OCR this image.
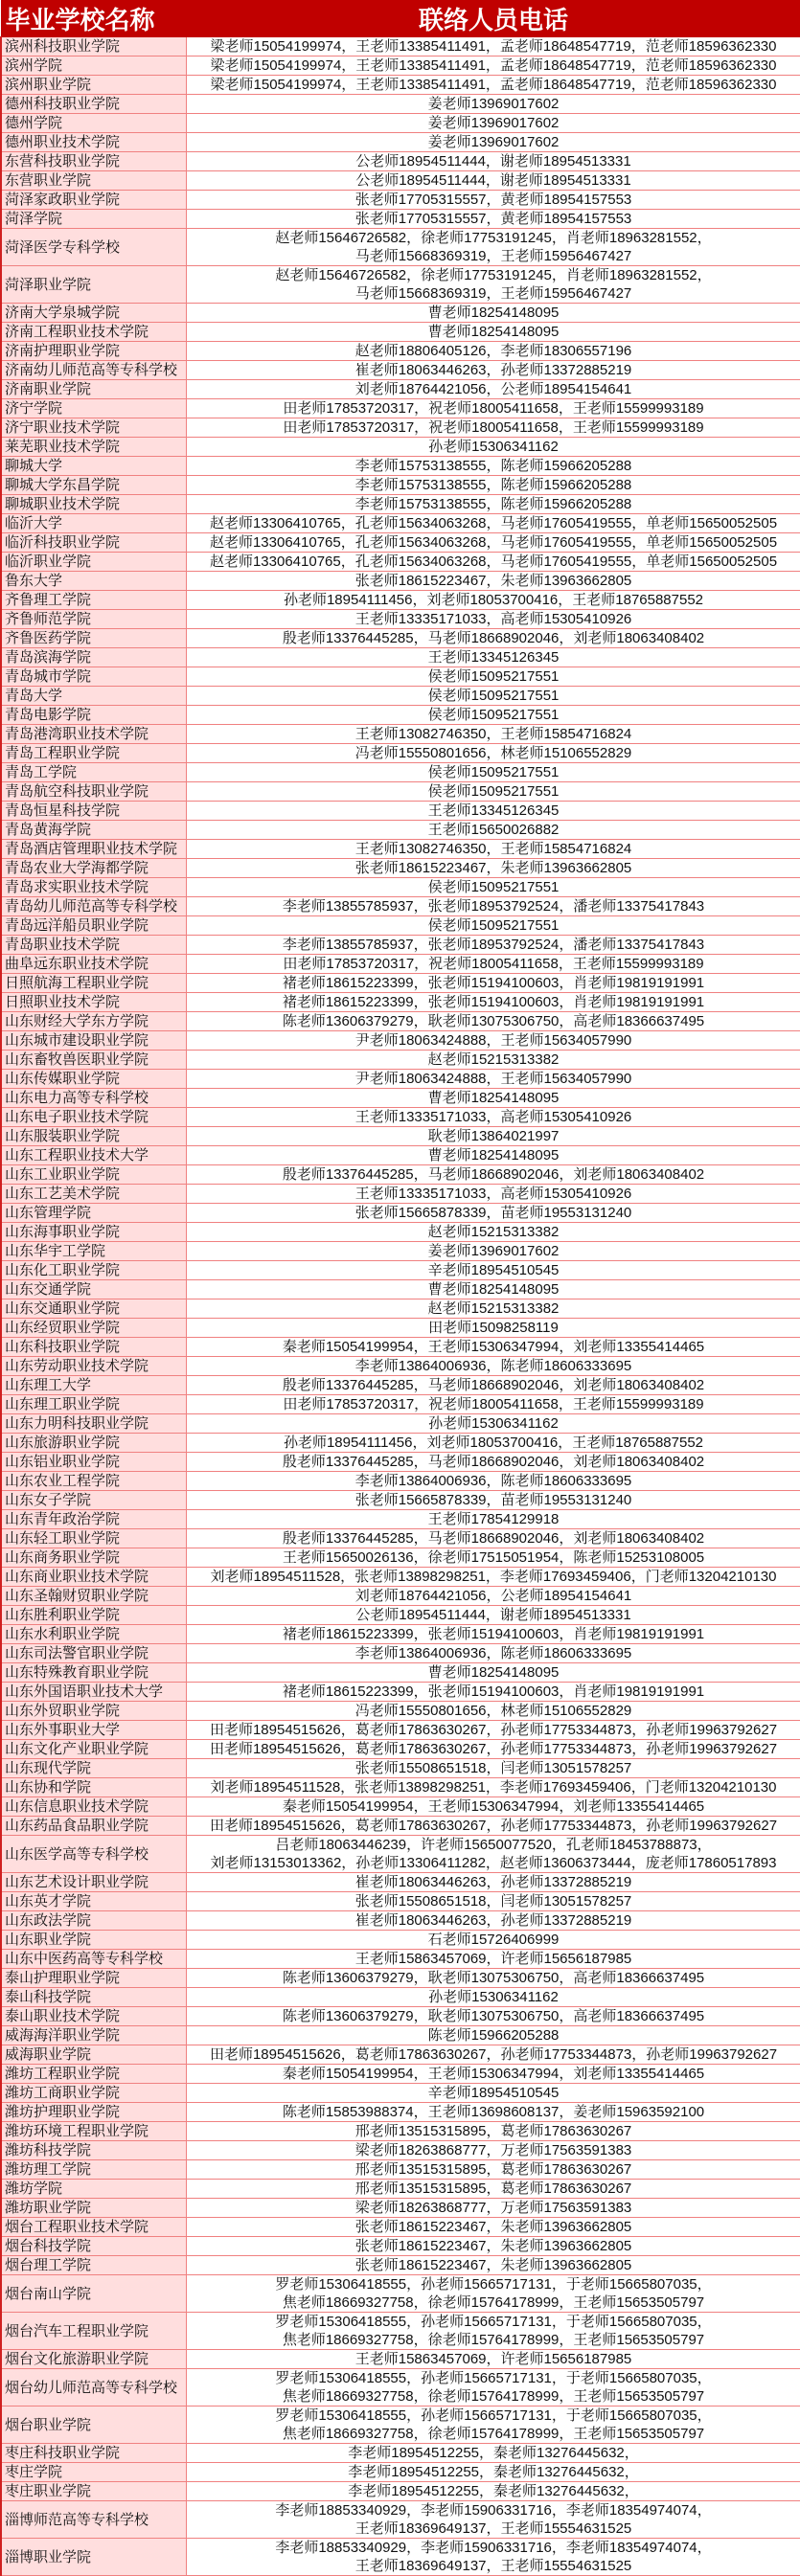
毕业学校名称	联络人员电话
滨州科技职业学院	梁老师15054199974，王老师13385411491，孟老师18648547719，范老师18596362330

滨州学院	梁老师15054199974，王老师13385411491，孟老师18648547719，范老师18596362330

滨州职业学院	梁老师15054199974，王老师13385411491，孟老师18648547719，范老师18596362330

德州科技职业学院	姜老师13969017602

德州学院	姜老师13969017602

德州职业技术学院	姜老师13969017602

东营科技职业学院	公老师18954511444，谢老师18954513331

东营职业学院	公老师18954511444，谢老师18954513331

菏泽家政职业学院	张老师17705315557，黄老师18954157553

菏泽学院	张老师17705315557，黄老师18954157553

菏泽医学专科学校	赵老师15646726582，徐老师17753191245，肖老师18963281552，
马老师15668369319，王老师15956467427

菏泽职业学院	赵老师15646726582，徐老师17753191245，肖老师18963281552，
马老师15668369319，王老师15956467427

济南大学泉城学院	曹老师18254148095

济南工程职业技术学院	曹老师18254148095

济南护理职业学院	赵老师18806405126，李老师18306557196

济南幼儿师范高等专科学校	崔老师18063446263，孙老师13372885219

济南职业学院	刘老师18764421056，公老师18954154641

济宁学院	田老师17853720317，祝老师18005411658，王老师15599993189

济宁职业技术学院	田老师17853720317，祝老师18005411658，王老师15599993189

莱芜职业技术学院	孙老师15306341162

聊城大学	李老师15753138555，陈老师15966205288

聊城大学东昌学院	李老师15753138555，陈老师15966205288

聊城职业技术学院	李老师15753138555，陈老师15966205288

临沂大学	赵老师13306410765，孔老师15634063268，马老师17605419555，单老师15650052505

临沂科技职业学院	赵老师13306410765，孔老师15634063268，马老师17605419555，单老师15650052505

临沂职业学院	赵老师13306410765，孔老师15634063268，马老师17605419555，单老师15650052505

鲁东大学	张老师18615223467，朱老师13963662805

齐鲁理工学院	孙老师18954111456，刘老师18053700416，王老师18765887552

齐鲁师范学院	王老师13335171033，高老师15305410926

齐鲁医药学院	殷老师13376445285，马老师18668902046，刘老师18063408402

青岛滨海学院	王老师13345126345

青岛城市学院	侯老师15095217551

青岛大学	侯老师15095217551

青岛电影学院	侯老师15095217551

青岛港湾职业技术学院	王老师13082746350，王老师15854716824

青岛工程职业学院	冯老师15550801656，林老师15106552829

青岛工学院	侯老师15095217551

青岛航空科技职业学院	侯老师15095217551

青岛恒星科技学院	王老师13345126345

青岛黄海学院	王老师15650026882

青岛酒店管理职业技术学院	王老师13082746350，王老师15854716824

青岛农业大学海都学院	张老师18615223467，朱老师13963662805

青岛求实职业技术学院	侯老师15095217551

青岛幼儿师范高等专科学校	李老师13855785937，张老师18953792524，潘老师13375417843

青岛远洋船员职业学院	侯老师15095217551

青岛职业技术学院	李老师13855785937，张老师18953792524，潘老师13375417843

曲阜远东职业技术学院	田老师17853720317，祝老师18005411658，王老师15599993189

日照航海工程职业学院	褚老师18615223399，张老师15194100603，肖老师19819191991

日照职业技术学院	褚老师18615223399，张老师15194100603，肖老师19819191991

山东财经大学东方学院	陈老师13606379279，耿老师13075306750，高老师18366637495

山东城市建设职业学院	尹老师18063424888，王老师15634057990

山东畜牧兽医职业学院	赵老师15215313382

山东传媒职业学院	尹老师18063424888，王老师15634057990

山东电力高等专科学校	曹老师18254148095

山东电子职业技术学院	王老师13335171033，高老师15305410926

山东服装职业学院	耿老师13864021997

山东工程职业技术大学	曹老师18254148095

山东工业职业学院	殷老师13376445285，马老师18668902046，刘老师18063408402

山东工艺美术学院	王老师13335171033，高老师15305410926

山东管理学院	张老师15665878339，苗老师19553131240

山东海事职业学院	赵老师15215313382

山东华宇工学院	姜老师13969017602

山东化工职业学院	辛老师18954510545

山东交通学院	曹老师18254148095

山东交通职业学院	赵老师15215313382

山东经贸职业学院	田老师15098258119

山东科技职业学院	秦老师15054199954，王老师15306347994，刘老师13355414465

山东劳动职业技术学院	李老师13864006936，陈老师18606333695

山东理工大学	殷老师13376445285，马老师18668902046，刘老师18063408402

山东理工职业学院	田老师17853720317，祝老师18005411658，王老师15599993189

山东力明科技职业学院	孙老师15306341162

山东旅游职业学院	孙老师18954111456，刘老师18053700416，王老师18765887552

山东铝业职业学院	殷老师13376445285，马老师18668902046，刘老师18063408402

山东农业工程学院	李老师13864006936，陈老师18606333695

山东女子学院	张老师15665878339，苗老师19553131240

山东青年政治学院	王老师17854129918

山东轻工职业学院	殷老师13376445285，马老师18668902046，刘老师18063408402

山东商务职业学院	王老师15650026136，徐老师17515051954，陈老师15253108005

山东商业职业技术学院	刘老师18954511528，张老师13898298251，李老师17693459406，门老师13204210130

山东圣翰财贸职业学院	刘老师18764421056，公老师18954154641

山东胜利职业学院	公老师18954511444，谢老师18954513331

山东水利职业学院	褚老师18615223399，张老师15194100603，肖老师19819191991

山东司法警官职业学院	李老师13864006936，陈老师18606333695

山东特殊教育职业学院	曹老师18254148095

山东外国语职业技术大学	褚老师18615223399，张老师15194100603，肖老师19819191991

山东外贸职业学院	冯老师15550801656，林老师15106552829

山东外事职业大学	田老师18954515626，葛老师17863630267，孙老师17753344873，孙老师19963792627

山东文化产业职业学院	田老师18954515626，葛老师17863630267，孙老师17753344873，孙老师19963792627

山东现代学院	张老师15508651518，闫老师13051578257

山东协和学院	刘老师18954511528，张老师13898298251，李老师17693459406，门老师13204210130

山东信息职业技术学院	秦老师15054199954，王老师15306347994，刘老师13355414465

山东药品食品职业学院	田老师18954515626，葛老师17863630267，孙老师17753344873，孙老师19963792627

山东医学高等专科学校	吕老师18063446239，许老师15650077520，孔老师18453788873，
刘老师13153013362，孙老师13306411282，赵老师13606373444，庞老师17860517893

山东艺术设计职业学院	崔老师18063446263，孙老师13372885219

山东英才学院	张老师15508651518，闫老师13051578257

山东政法学院	崔老师18063446263，孙老师13372885219

山东职业学院	石老师15726406999

山东中医药高等专科学校	王老师15863457069，许老师15656187985

泰山护理职业学院	陈老师13606379279，耿老师13075306750，高老师18366637495

泰山科技学院	孙老师15306341162

泰山职业技术学院	陈老师13606379279，耿老师13075306750，高老师18366637495

威海海洋职业学院	陈老师15966205288

威海职业学院	田老师18954515626，葛老师17863630267，孙老师17753344873，孙老师19963792627

潍坊工程职业学院	秦老师15054199954，王老师15306347994，刘老师13355414465

潍坊工商职业学院	辛老师18954510545

潍坊护理职业学院	陈老师15853988374，王老师13698608137，姜老师15963592100

潍坊环境工程职业学院	邢老师13515315895，葛老师17863630267

潍坊科技学院	梁老师18263868777，万老师17563591383

潍坊理工学院	邢老师13515315895，葛老师17863630267

潍坊学院	邢老师13515315895，葛老师17863630267

潍坊职业学院	梁老师18263868777，万老师17563591383

烟台工程职业技术学院	张老师18615223467，朱老师13963662805

烟台科技学院	张老师18615223467，朱老师13963662805

烟台理工学院	张老师18615223467，朱老师13963662805

烟台南山学院	罗老师15306418555，孙老师15665717131，于老师15665807035，
焦老师18669327758，徐老师15764178999，王老师15653505797

烟台汽车工程职业学院	罗老师15306418555，孙老师15665717131，于老师15665807035，
焦老师18669327758，徐老师15764178999，王老师15653505797

烟台文化旅游职业学院	王老师15863457069，许老师15656187985

烟台幼儿师范高等专科学校	罗老师15306418555，孙老师15665717131，于老师15665807035，
焦老师18669327758，徐老师15764178999，王老师15653505797

烟台职业学院	罗老师15306418555，孙老师15665717131，于老师15665807035，
焦老师18669327758，徐老师15764178999，王老师15653505797

枣庄科技职业学院	李老师18954512255，秦老师13276445632，

枣庄学院	李老师18954512255，秦老师13276445632，

枣庄职业学院	李老师18954512255，秦老师13276445632，

淄博师范高等专科学校	李老师18853340929，李老师15906331716，李老师18354974074，
王老师18369649137，王老师15554631525

淄博职业学院	李老师18853340929，李老师15906331716，李老师18354974074，
王老师18369649137，王老师15554631525
